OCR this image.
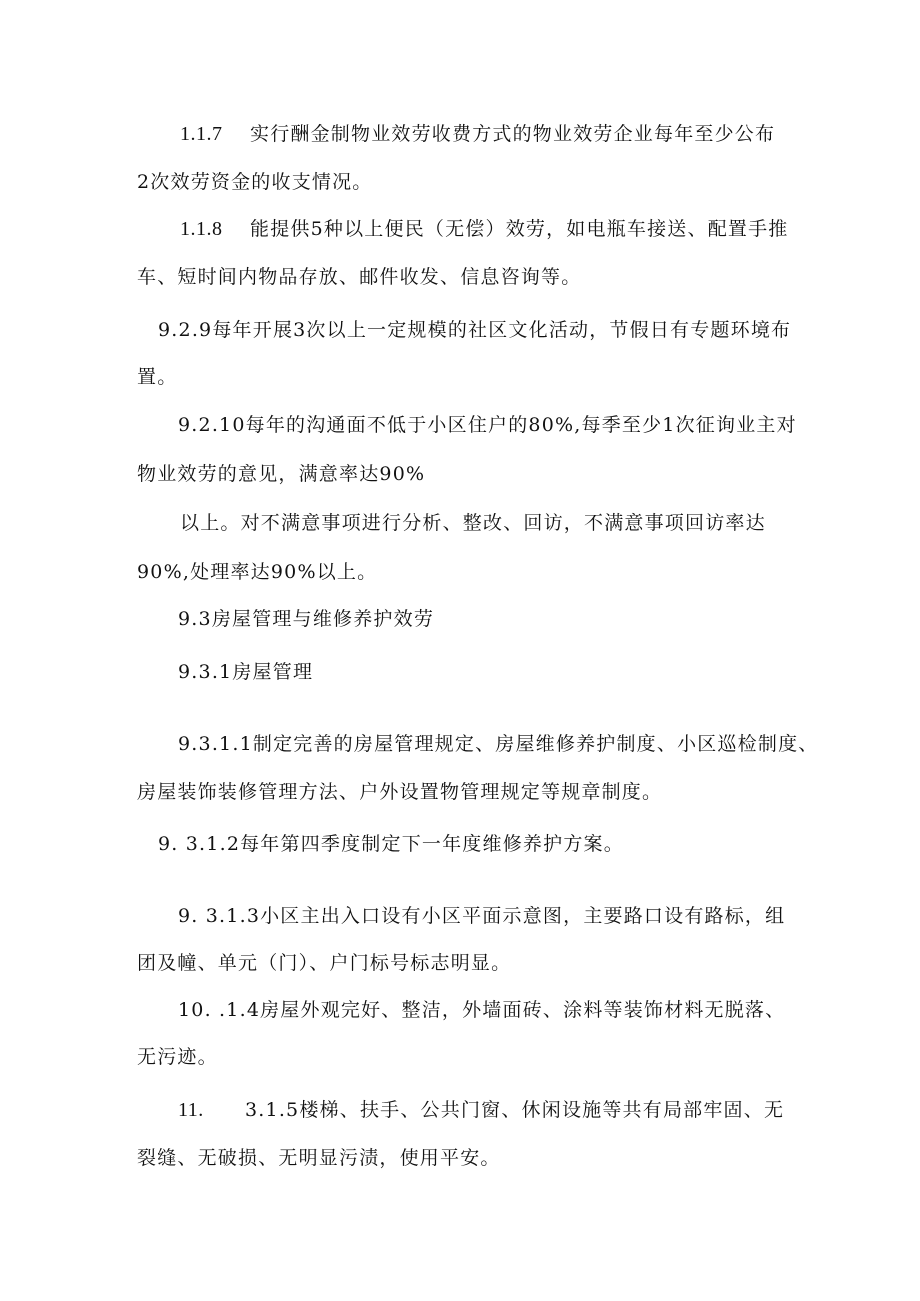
1.1.7 实行酬金制物业效劳收费方式的物业效劳企业每年至少公布
2次效劳资金的收支情况。
1.1.8 能提供5种以上便民（无偿）效劳，如电瓶车接送、配置手推
车、短时间内物品存放、邮件收发、信息咨询等。
9.2.9每年开展3次以上一定规模的社区文化活动，节假日有专题环境布
置。
9.2.10每年的沟通面不低于小区住户的80%,每季至少1次征询业主对
物业效劳的意见，满意率达90%
以上。对不满意事项进行分析、整改、回访，不满意事项回访率达
90%,处理率达90%以上。
9.3房屋管理与维修养护效劳
9.3.1房屋管理
9.3.1.1制定完善的房屋管理规定、房屋维修养护制度、小区巡检制度、
房屋装饰装修管理方法、户外设置物管理规定等规章制度。
9. 3.1.2每年第四季度制定下一年度维修养护方案。
9. 3.1.3小区主出入口设有小区平面示意图，主要路口设有路标，组
团及幢、单元（门）、户门标号标志明显。
10. .1.4房屋外观完好、整洁，外墙面砖、涂料等装饰材料无脱落、
无污迹。
11. 3.1.5楼梯、扶手、公共门窗、休闲设施等共有局部牢固、无
裂缝、无破损、无明显污渍，使用平安。
